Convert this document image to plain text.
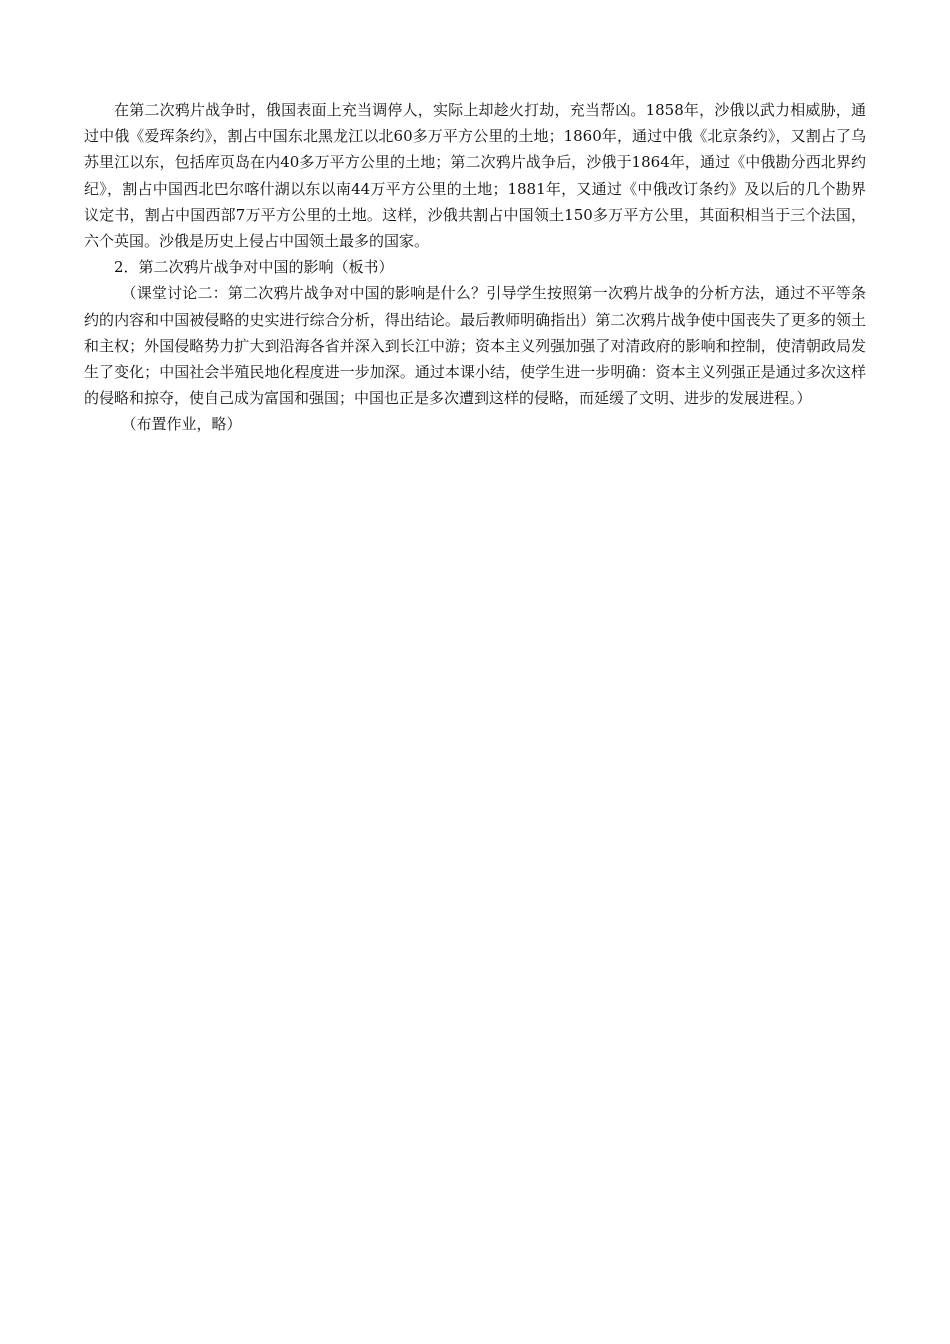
在第二次鸦片战争时，俄国表面上充当调停人，实际上却趁火打劫，充当帮凶。1858年，沙俄以武力相威胁，通过中俄《爱珲条约》，割占中国东北黑龙江以北60多万平方公里的土地；1860年，通过中俄《北京条约》，又割占了乌苏里江以东，包括库页岛在内40多万平方公里的土地；第二次鸦片战争后，沙俄于1864年，通过《中俄勘分西北界约纪》，割占中国西北巴尔喀什湖以东以南44万平方公里的土地；1881年，又通过《中俄改订条约》及以后的几个勘界议定书，割占中国西部7万平方公里的土地。这样，沙俄共割占中国领土150多万平方公里，其面积相当于三个法国，六个英国。沙俄是历史上侵占中国领土最多的国家。

2．第二次鸦片战争对中国的影响（板书）

（课堂讨论二：第二次鸦片战争对中国的影响是什么？引导学生按照第一次鸦片战争的分析方法，通过不平等条约的内容和中国被侵略的史实进行综合分析，得出结论。最后教师明确指出）第二次鸦片战争使中国丧失了更多的领土和主权；外国侵略势力扩大到沿海各省并深入到长江中游；资本主义列强加强了对清政府的影响和控制，使清朝政局发生了变化；中国社会半殖民地化程度进一步加深。通过本课小结，使学生进一步明确：资本主义列强正是通过多次这样的侵略和掠夺，使自己成为富国和强国；中国也正是多次遭到这样的侵略，而延缓了文明、进步的发展进程。）

（布置作业，略）
